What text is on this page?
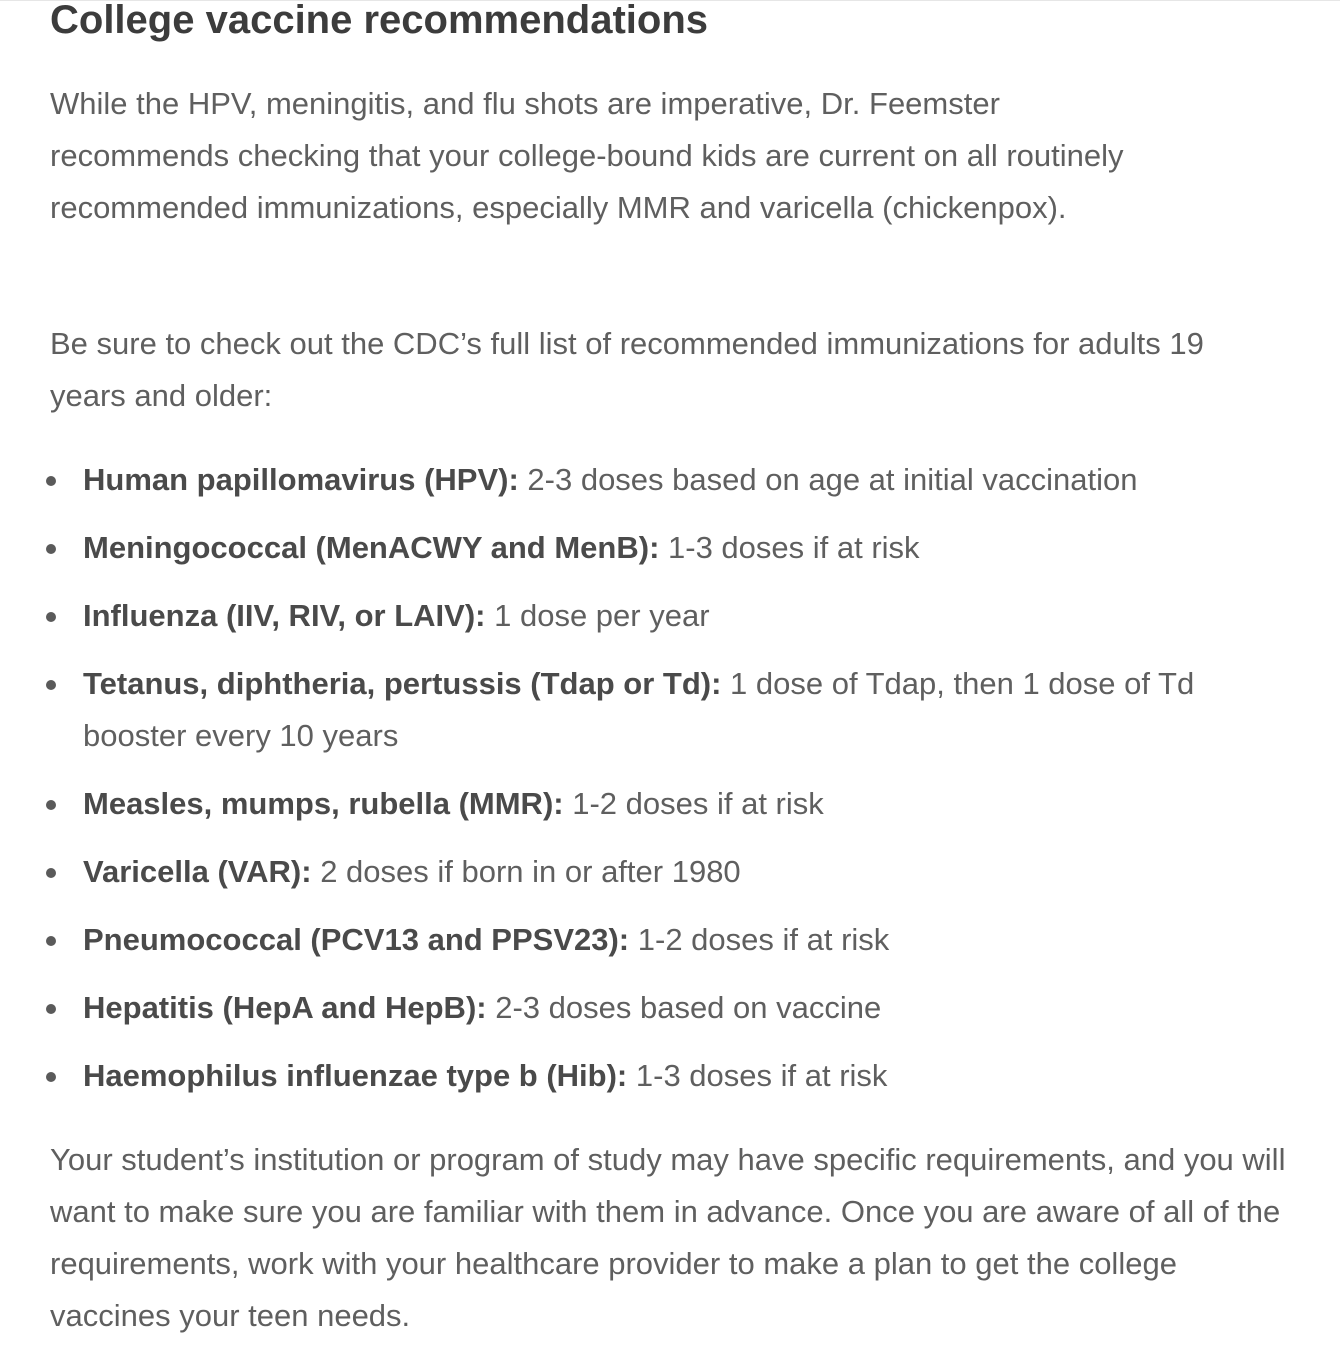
College vaccine recommendations

While the HPV, meningitis, and flu shots are imperative, Dr. Feemster recommends checking that your college-bound kids are current on all routinely recommended immunizations, especially MMR and varicella (chickenpox).

Be sure to check out the CDC’s full list of recommended immunizations for adults 19 years and older:

Human papillomavirus (HPV): 2-3 doses based on age at initial vaccination
Meningococcal (MenACWY and MenB): 1-3 doses if at risk
Influenza (IIV, RIV, or LAIV): 1 dose per year
Tetanus, diphtheria, pertussis (Tdap or Td): 1 dose of Tdap, then 1 dose of Td booster every 10 years
Measles, mumps, rubella (MMR): 1-2 doses if at risk
Varicella (VAR): 2 doses if born in or after 1980
Pneumococcal (PCV13 and PPSV23): 1-2 doses if at risk
Hepatitis (HepA and HepB): 2-3 doses based on vaccine
Haemophilus influenzae type b (Hib): 1-3 doses if at risk

Your student’s institution or program of study may have specific requirements, and you will want to make sure you are familiar with them in advance. Once you are aware of all of the requirements, work with your healthcare provider to make a plan to get the college vaccines your teen needs.
